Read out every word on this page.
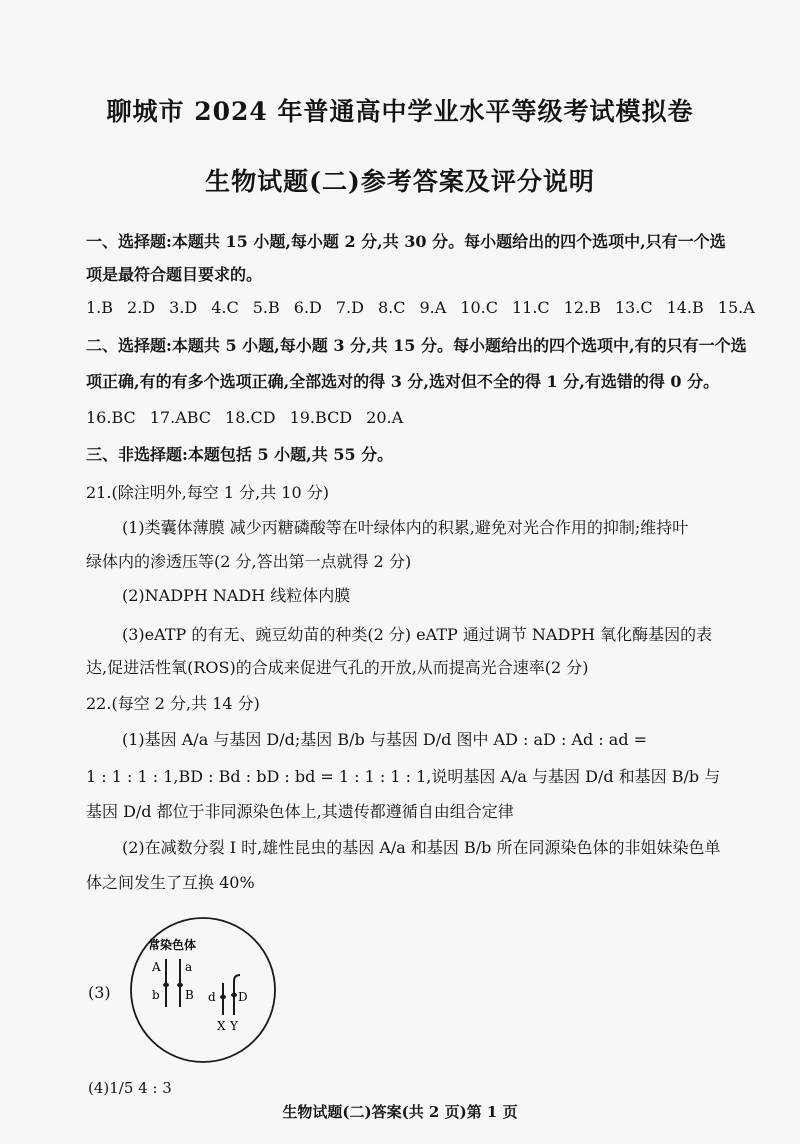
聊城市 2024 年普通高中学业水平等级考试模拟卷
生物试题(二)参考答案及评分说明
一、选择题:本题共 15 小题,每小题 2 分,共 30 分。每小题给出的四个选项中,只有一个选
项是最符合题目要求的。
1.B 2.D 3.D 4.C 5.B 6.D 7.D 8.C 9.A 10.C 11.C 12.B 13.C 14.B 15.A
二、选择题:本题共 5 小题,每小题 3 分,共 15 分。每小题给出的四个选项中,有的只有一个选
项正确,有的有多个选项正确,全部选对的得 3 分,选对但不全的得 1 分,有选错的得 0 分。
16.BC 17.ABC 18.CD 19.BCD 20.A
三、非选择题:本题包括 5 小题,共 55 分。
21.(除注明外,每空 1 分,共 10 分)
(1)类囊体薄膜 减少丙糖磷酸等在叶绿体内的积累,避免对光合作用的抑制;维持叶
绿体内的渗透压等(2 分,答出第一点就得 2 分)
(2)NADPH NADH 线粒体内膜
(3)eATP 的有无、豌豆幼苗的种类(2 分) eATP 通过调节 NADPH 氧化酶基因的表
达,促进活性氧(ROS)的合成来促进气孔的开放,从而提高光合速率(2 分)
22.(每空 2 分,共 14 分)
(1)基因 A/a 与基因 D/d;基因 B/b 与基因 D/d 图中 AD : aD : Ad : ad =
1 : 1 : 1 : 1,BD : Bd : bD : bd = 1 : 1 : 1 : 1,说明基因 A/a 与基因 D/d 和基因 B/b 与
基因 D/d 都位于非同源染色体上,其遗传都遵循自由组合定律
(2)在减数分裂 I 时,雄性昆虫的基因 A/a 和基因 B/b 所在同源染色体的非姐妹染色单
体之间发生了互换 40%
(3)
常染色体
A
b
a
B d D
X Y
(4)1/5 4 : 3
生物试题(二)答案(共 2 页)第 1 页
